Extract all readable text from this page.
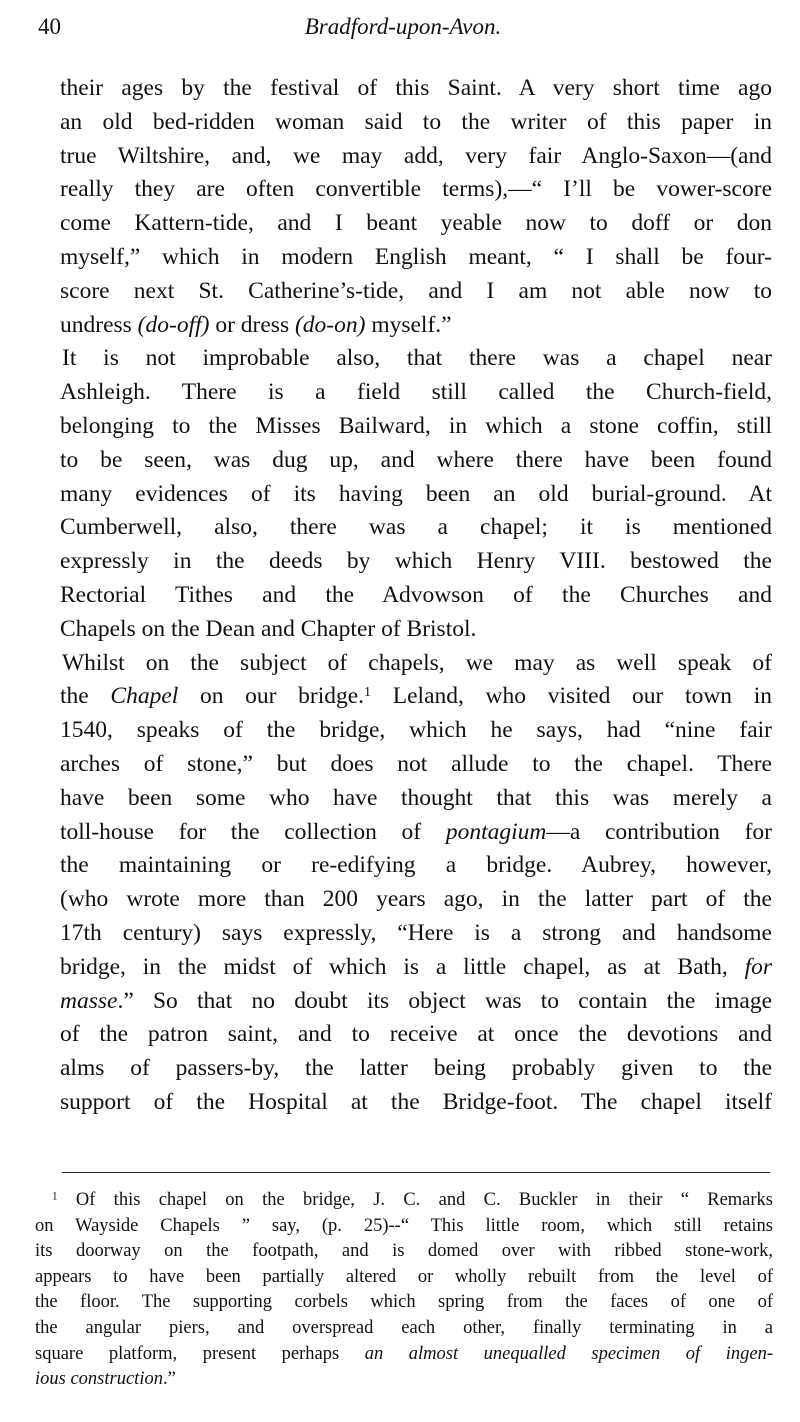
40	Bradford-upon-Avon.
their ages by the festival of this Saint. A very short time ago
an old bed-ridden woman said to the writer of this paper in
true Wiltshire, and, we may add, very fair Anglo-Saxon—(and
really they are often convertible terms),—“ I’ll be vower-score
come Kattern-tide, and I beant yeable now to doff or don
myself,” which in modern English meant, “ I shall be four-
score next St. Catherine’s-tide, and I am not able now to
undress (do-off) or dress (do-on) myself.”
It is not improbable also, that there was a chapel near
Ashleigh. There is a field still called the Church-field,
belonging to the Misses Bailward, in which a stone coffin, still
to be seen, was dug up, and where there have been found
many evidences of its having been an old burial-ground. At
Cumberwell, also, there was a chapel; it is mentioned
expressly in the deeds by which Henry VIII. bestowed the
Rectorial Tithes and the Advowson of the Churches and
Chapels on the Dean and Chapter of Bristol.
Whilst on the subject of chapels, we may as well speak of
the Chapel on our bridge.$^1$ Leland, who visited our town in
1540, speaks of the bridge, which he says, had “nine fair
arches of stone,” but does not allude to the chapel. There
have been some who have thought that this was merely a
toll-house for the collection of pontagium—a contribution for
the maintaining or re-edifying a bridge. Aubrey, however,
(who wrote more than 200 years ago, in the latter part of the
17th century) says expressly, “Here is a strong and handsome
bridge, in the midst of which is a little chapel, as at Bath, for
masse.” So that no doubt its object was to contain the image
of the patron saint, and to receive at once the devotions and
alms of passers-by, the latter being probably given to the
support of the Hospital at the Bridge-foot. The chapel itself
$^1$ Of this chapel on the bridge, J. C. and C. Buckler in their “ Remarks
on Wayside Chapels ” say, (p. 25)--“ This little room, which still retains
its doorway on the footpath, and is domed over with ribbed stone-work,
appears to have been partially altered or wholly rebuilt from the level of
the floor. The supporting corbels which spring from the faces of one of
the angular piers, and overspread each other, finally terminating in a
square platform, present perhaps an almost unequalled specimen of ingen-
ious construction.”
